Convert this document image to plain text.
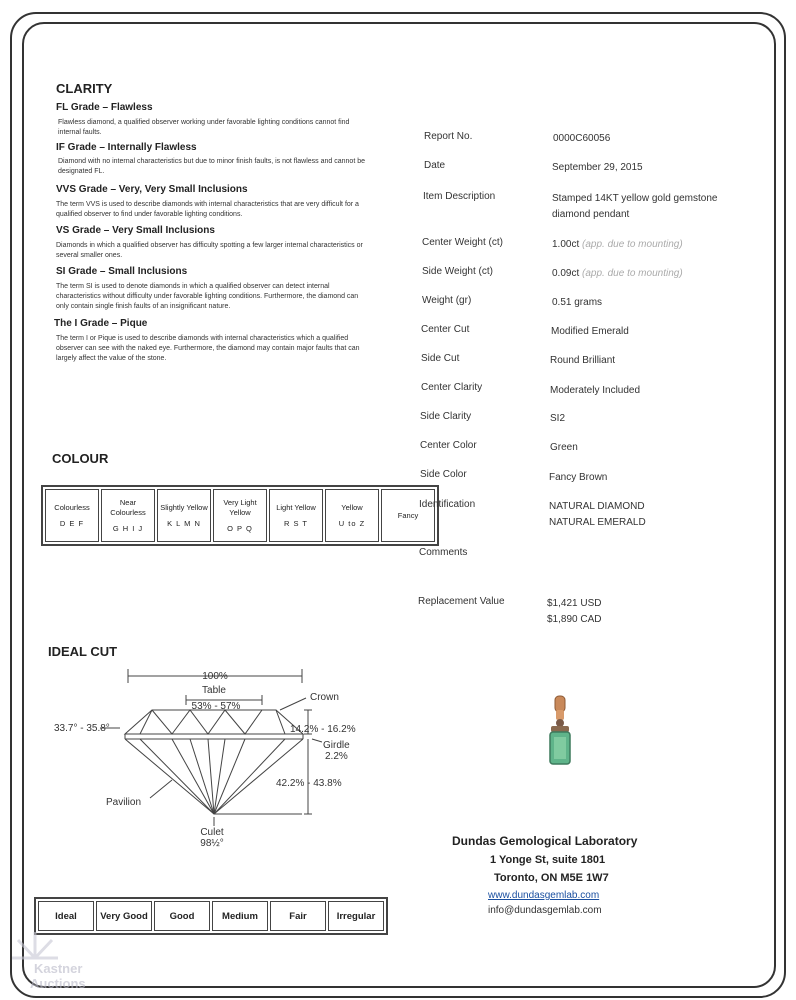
CLARITY
FL Grade – Flawless
Flawless diamond, a qualified observer working under favorable lighting conditions cannot find internal faults.
IF Grade – Internally Flawless
Diamond with no internal characteristics but due to minor finish faults, is not flawless and cannot be designated FL.
VVS Grade – Very, Very Small Inclusions
The term VVS is used to describe diamonds with internal characteristics that are very difficult for a qualified observer to find under favorable lighting conditions.
VS Grade – Very Small Inclusions
Diamonds in which a qualified observer has difficulty spotting a few larger internal characteristics or several smaller ones.
SI Grade – Small Inclusions
The term SI is used to denote diamonds in which a qualified observer can detect internal characteristics without difficulty under favorable lighting conditions. Furthermore, the diamond can only contain single finish faults of an insignificant nature.
The I Grade – Pique
The term I or Pique is used to describe diamonds with internal characteristics which a qualified observer can see with the naked eye. Furthermore, the diamond may contain major faults that can largely affect the value of the stone.
COLOUR
Colourless
D E F

Near Colourless
G H I J

Slightly Yellow
K L M N

Very Light Yellow
O P Q

Light Yellow
R S T

Yellow
U to Z

Fancy
IDEAL CUT
100%
Table
53% - 57%
Crown
33.7° - 35.8°	14.2% - 16.2%
Girdle
2.2%
42.2% - 43.8%
Pavilion
Culet
98½°
Ideal	Very Good	Good	Medium	Fair	Irregular
Report No.	0000C60056
Date	September 29, 2015
Item Description	Stamped 14KT yellow gold gemstone
diamond pendant
Center Weight (ct)	1.00ct (app. due to mounting)
Side Weight (ct)	0.09ct (app. due to mounting)
Weight (gr)	0.51 grams
Center Cut	Modified Emerald
Side Cut	Round Brilliant
Center Clarity	Moderately Included
Side Clarity	SI2
Center Color	Green
Side Color	Fancy Brown
Identification	NATURAL DIAMOND
NATURAL EMERALD
Comments
Replacement Value	$1,421 USD
$1,890 CAD
Dundas Gemological Laboratory
1 Yonge St, suite 1801
Toronto, ON M5E 1W7
www.dundasgemlab.com
info@dundasgemlab.com
Kastner
Auctions
